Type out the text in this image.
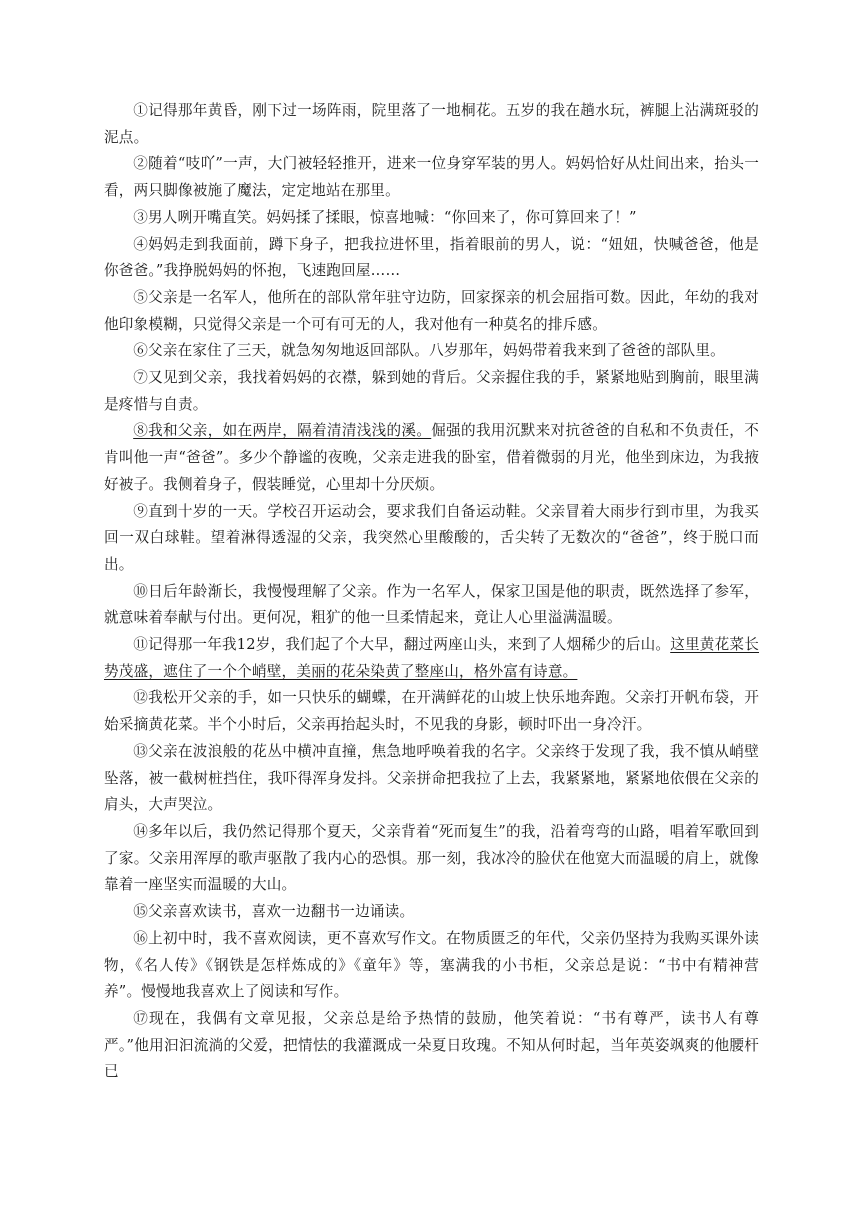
①记得那年黄昏，刚下过一场阵雨，院里落了一地桐花。五岁的我在趟水玩，裤腿上沾满斑驳的泥点。

②随着“吱吖”一声，大门被轻轻推开，进来一位身穿军装的男人。妈妈恰好从灶间出来，抬头一看，两只脚像被施了魔法，定定地站在那里。

③男人咧开嘴直笑。妈妈揉了揉眼，惊喜地喊：“你回来了，你可算回来了！”

④妈妈走到我面前，蹲下身子，把我拉进怀里，指着眼前的男人，说：“妞妞，快喊爸爸，他是你爸爸。”我挣脱妈妈的怀抱，飞速跑回屋……

⑤父亲是一名军人，他所在的部队常年驻守边防，回家探亲的机会屈指可数。因此，年幼的我对他印象模糊，只觉得父亲是一个可有可无的人，我对他有一种莫名的排斥感。

⑥父亲在家住了三天，就急匆匆地返回部队。八岁那年，妈妈带着我来到了爸爸的部队里。

⑦又见到父亲，我找着妈妈的衣襟，躲到她的背后。父亲握住我的手，紧紧地贴到胸前，眼里满是疼惜与自责。

⑧我和父亲，如在两岸，隔着清清浅浅的溪。倔强的我用沉默来对抗爸爸的自私和不负责任，不肯叫他一声“爸爸”。多少个静谧的夜晚，父亲走进我的卧室，借着微弱的月光，他坐到床边，为我掖好被子。我侧着身子，假装睡觉，心里却十分厌烦。

⑨直到十岁的一天。学校召开运动会，要求我们自备运动鞋。父亲冒着大雨步行到市里，为我买回一双白球鞋。望着淋得透湿的父亲，我突然心里酸酸的，舌尖转了无数次的“爸爸”，终于脱口而出。

⑩日后年龄渐长，我慢慢理解了父亲。作为一名军人，保家卫国是他的职责，既然选择了参军，就意味着奉献与付出。更何况，粗犷的他一旦柔情起来，竟让人心里溢满温暖。

⑪记得那一年我12岁，我们起了个大早，翻过两座山头，来到了人烟稀少的后山。这里黄花菜长势茂盛，遮住了一个个峭壁，美丽的花朵染黄了整座山，格外富有诗意。

⑫我松开父亲的手，如一只快乐的蝴蝶，在开满鲜花的山坡上快乐地奔跑。父亲打开帆布袋，开始采摘黄花菜。半个小时后，父亲再抬起头时，不见我的身影，顿时吓出一身冷汗。

⑬父亲在波浪般的花丛中横冲直撞，焦急地呼唤着我的名字。父亲终于发现了我，我不慎从峭壁坠落，被一截树桩挡住，我吓得浑身发抖。父亲拼命把我拉了上去，我紧紧地，紧紧地依偎在父亲的肩头，大声哭泣。

⑭多年以后，我仍然记得那个夏天，父亲背着“死而复生”的我，沿着弯弯的山路，唱着军歌回到了家。父亲用浑厚的歌声驱散了我内心的恐惧。那一刻，我冰冷的脸伏在他宽大而温暖的肩上，就像靠着一座坚实而温暖的大山。

⑮父亲喜欢读书，喜欢一边翻书一边诵读。

⑯上初中时，我不喜欢阅读，更不喜欢写作文。在物质匮乏的年代，父亲仍坚持为我购买课外读物，《名人传》《钢铁是怎样炼成的》《童年》等，塞满我的小书柜，父亲总是说：“书中有精神营养”。慢慢地我喜欢上了阅读和写作。

⑰现在，我偶有文章见报，父亲总是给予热情的鼓励，他笑着说：“书有尊严，读书人有尊严。”他用汩汩流淌的父爱，把情怯的我灌溉成一朵夏日玫瑰。不知从何时起，当年英姿飒爽的他腰杆已
